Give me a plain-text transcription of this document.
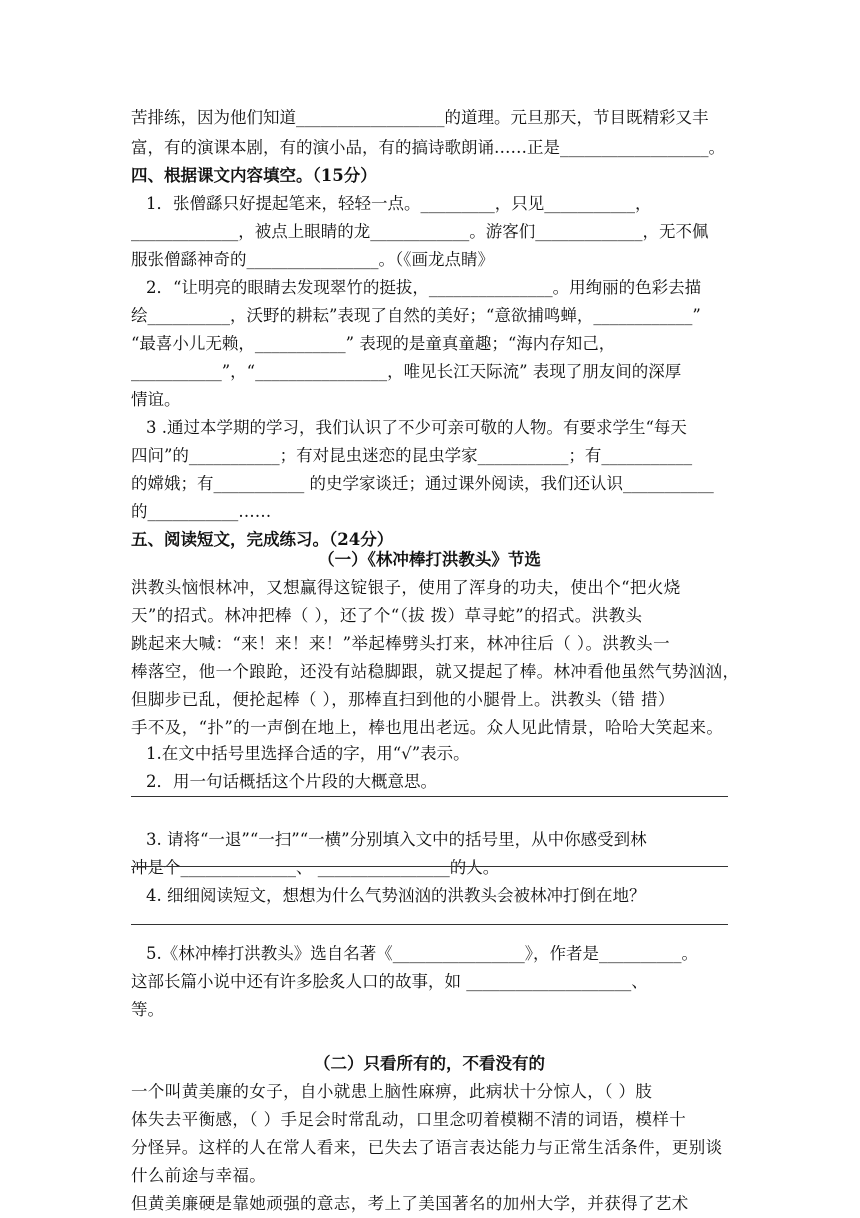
苦排练，因为他们知道__________________的道理。元旦那天，节目既精彩又丰
富，有的演课本剧，有的演小品，有的搞诗歌朗诵……正是__________________。
四、根据课文内容填空。（15分）
1．张僧繇只好提起笔来，轻轻一点。_________，只见___________，
_____________，被点上眼睛的龙____________。游客们_____________，无不佩
服张僧繇神奇的________________。（《画龙点睛》
2．“让明亮的眼睛去发现翠竹的挺拔，_______________。用绚丽的色彩去描
绘__________，沃野的耕耘”表现了自然的美好；“意欲捕鸣蝉，____________”
“最喜小儿无赖，___________” 表现的是童真童趣；“海内存知己，
___________”，“________________，唯见长江天际流” 表现了朋友间的深厚
情谊。
3 .通过本学期的学习，我们认识了不少可亲可敬的人物。有要求学生“每天
四问”的___________；有对昆虫迷恋的昆虫学家___________；有___________
的嫦娥；有___________ 的史学家谈迁；通过课外阅读，我们还认识___________
的___________……
五、阅读短文，完成练习。（24分）
（一）《林冲棒打洪教头》节选
洪教头恼恨林冲，又想赢得这锭银子，使用了浑身的功夫，使出个“把火烧
天”的招式。林冲把棒（ ），还了个“（拔 拨）草寻蛇”的招式。洪教头
跳起来大喊：“来！来！来！”举起棒劈头打来，林冲往后（ ）。洪教头一
棒落空，他一个踉跄，还没有站稳脚跟，就又提起了棒。林冲看他虽然气势汹汹，
但脚步已乱，便抡起棒（ ），那棒直扫到他的小腿骨上。洪教头（错 措）
手不及，“扑”的一声倒在地上，棒也甩出老远。众人见此情景，哈哈大笑起来。
1.在文中括号里选择合适的字，用“√”表示。
2．用一句话概括这个片段的大概意思。
3. 请将“一退”“一扫”“一横”分别填入文中的括号里，从中你感受到林
冲是个______________、 ________________的人。
4. 细细阅读短文，想想为什么气势汹汹的洪教头会被林冲打倒在地？
5.《林冲棒打洪教头》选自名著《________________》，作者是__________。
这部长篇小说中还有许多脍炙人口的故事，如 ____________________、
等。
（二）只看所有的，不看没有的
一个叫黄美廉的女子，自小就患上脑性麻痹，此病状十分惊人，（ ）肢
体失去平衡感，（ ）手足会时常乱动，口里念叨着模糊不清的词语，模样十
分怪异。这样的人在常人看来，已失去了语言表达能力与正常生活条件，更别谈
什么前途与幸福。
但黄美廉硬是靠她顽强的意志，考上了美国著名的加州大学，并获得了艺术
